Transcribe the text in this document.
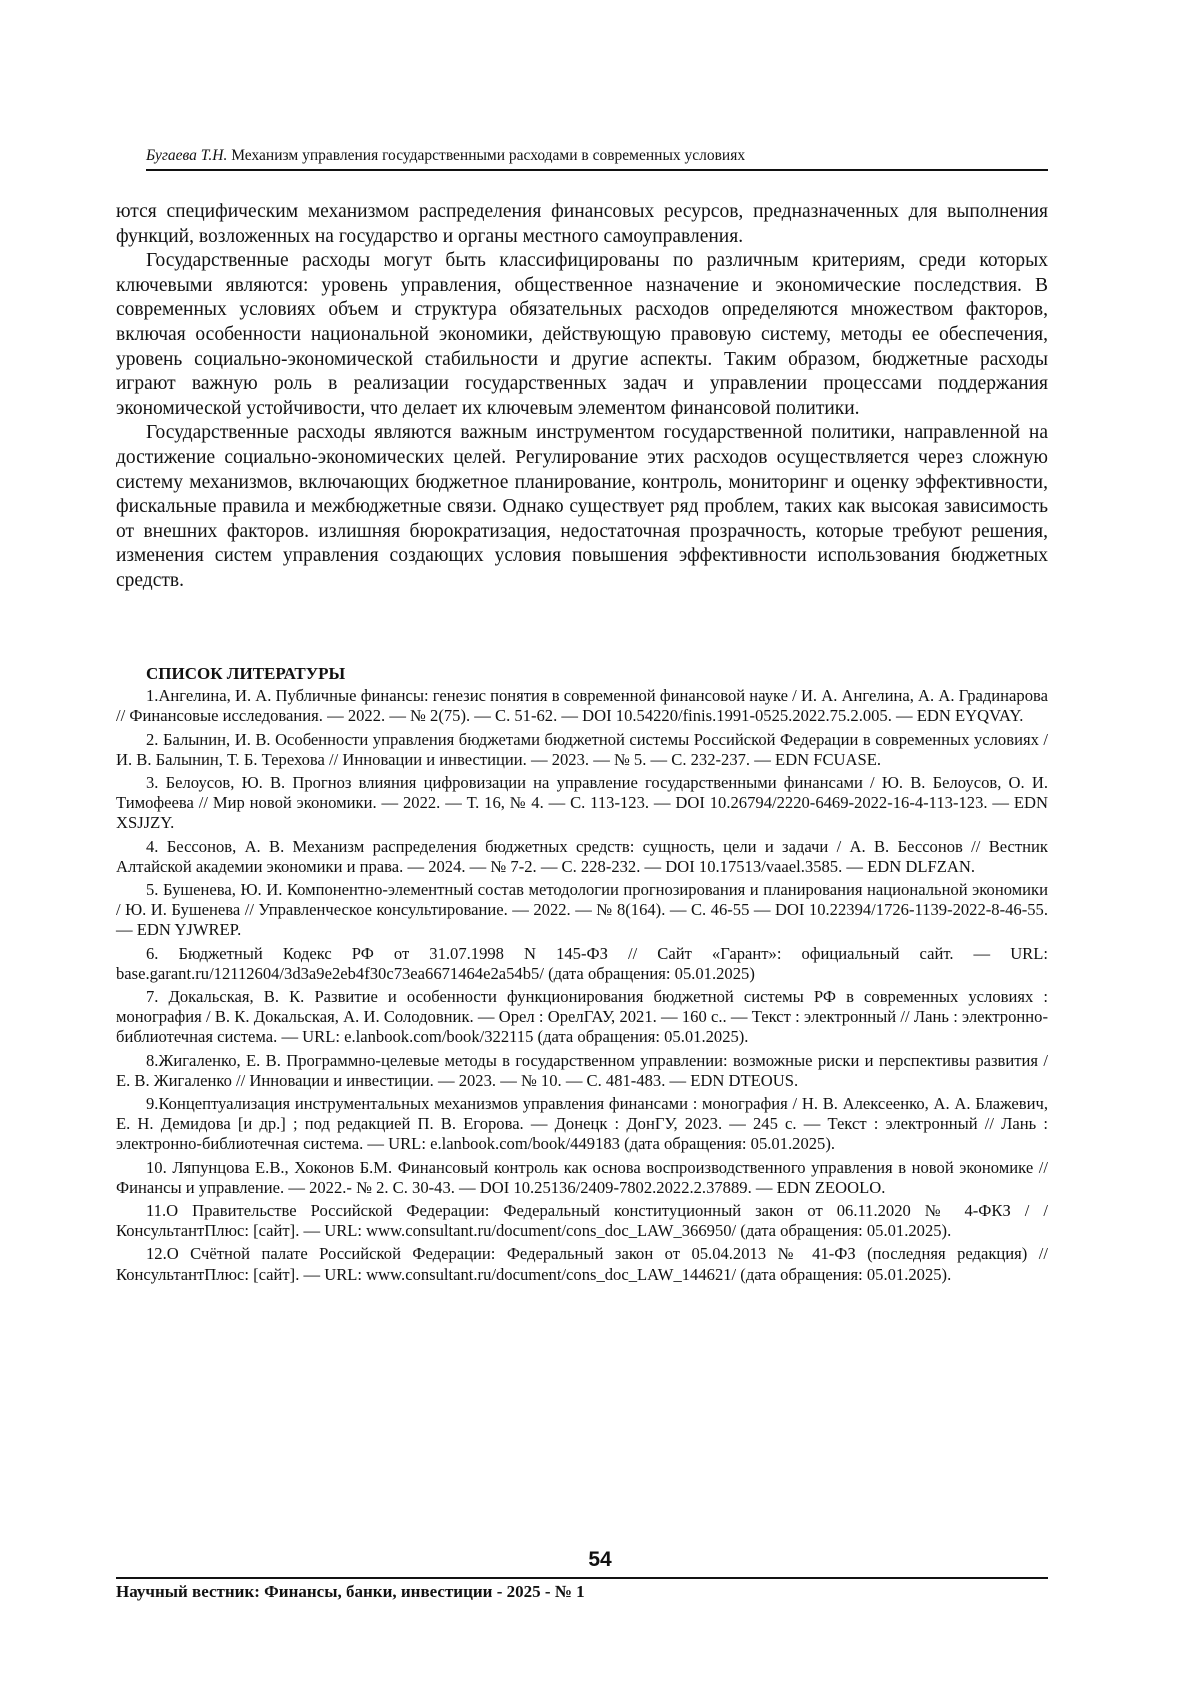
Бугаева Т.Н. Механизм управления государственными расходами в современных условиях

ются специфическим механизмом распределения финансовых ресурсов, предназначенных для выполнения функций, возложенных на государство и органы местного самоуправления.

Государственные расходы могут быть классифицированы по различным критериям, среди которых ключевыми являются: уровень управления, общественное назначение и экономические последствия. В современных условиях объем и структура обязательных расходов определяются множеством факторов, включая особенности национальной экономики, действующую правовую систему, методы ее обеспечения, уровень социально-экономической стабильности и другие аспекты. Таким образом, бюджетные расходы играют важную роль в реализации государственных задач и управлении процессами поддержания экономической устойчивости, что делает их ключевым элементом финансовой политики.

Государственные расходы являются важным инструментом государственной политики, направленной на достижение социально-экономических целей. Регулирование этих расходов осуществляется через сложную систему механизмов, включающих бюджетное планирование, контроль, мониторинг и оценку эффективности, фискальные правила и межбюджетные связи. Однако существует ряд проблем, таких как высокая зависимость от внешних факторов. излишняя бюрократизация, недостаточная прозрачность, которые требуют решения, изменения систем управления создающих условия повышения эффективности использования бюджетных средств.

СПИСОК ЛИТЕРАТУРЫ
1.Ангелина, И. А. Публичные финансы: генезис понятия в современной финансовой науке / И. А. Ангелина, А. А. Градинарова // Финансовые исследования. — 2022. — № 2(75). — С. 51-62. — DOI 10.54220/finis.1991-0525.2022.75.2.005. — EDN EYQVAY.
2. Балынин, И. В. Особенности управления бюджетами бюджетной системы Российской Федерации в современных условиях / И. В. Балынин, Т. Б. Терехова // Инновации и инвестиции. — 2023. — № 5. — С. 232-237. — EDN FCUASE.
3. Белоусов, Ю. В. Прогноз влияния цифровизации на управление государственными финансами / Ю. В. Белоусов, О. И. Тимофеева // Мир новой экономики. — 2022. — Т. 16, № 4. — С. 113-123. — DOI 10.26794/2220-6469-2022-16-4-113-123. — EDN XSJJZY.
4. Бессонов, А. В. Механизм распределения бюджетных средств: сущность, цели и задачи / А. В. Бессонов // Вестник Алтайской академии экономики и права. — 2024. — № 7-2. — С. 228-232. — DOI 10.17513/vaael.3585. — EDN DLFZAN.
5. Бушенева, Ю. И. Компонентно-элементный состав методологии прогнозирования и планирования национальной экономики / Ю. И. Бушенева // Управленческое консультирование. — 2022. — № 8(164). — С. 46-55 — DOI 10.22394/1726-1139-2022-8-46-55. — EDN YJWREP.
6. Бюджетный Кодекс РФ от 31.07.1998 N 145-ФЗ // Сайт «Гарант»: официальный сайт. — URL: base.garant.ru/12112604/3d3a9e2eb4f30c73ea6671464e2a54b5/ (дата обращения: 05.01.2025)
7. Докальская, В. К. Развитие и особенности функционирования бюджетной системы РФ в современных условиях : монография / В. К. Докальская, А. И. Солодовник. — Орел : ОрелГАУ, 2021. — 160 с.. — Текст : электронный // Лань : электронно-библиотечная система. — URL: e.lanbook.com/book/322115 (дата обращения: 05.01.2025).
8.Жигаленко, Е. В. Программно-целевые методы в государственном управлении: возможные риски и перспективы развития / Е. В. Жигаленко // Инновации и инвестиции. — 2023. — № 10. — С. 481-483. — EDN DTEOUS.
9.Концептуализация инструментальных механизмов управления финансами : монография / Н. В. Алексеенко, А. А. Блажевич, Е. Н. Демидова [и др.] ; под редакцией П. В. Егорова. — Донецк : ДонГУ, 2023. — 245 с. — Текст : электронный // Лань : электронно-библиотечная система. — URL: e.lanbook.com/book/449183 (дата обращения: 05.01.2025).
10. Ляпунцова Е.В., Хоконов Б.М. Финансовый контроль как основа воспроизводственного управления в новой экономике // Финансы и управление. — 2022.- № 2. С. 30-43. — DOI 10.25136/2409-7802.2022.2.37889. — EDN ZEOOLO.
11.О Правительстве Российской Федерации: Федеральный конституционный закон от 06.11.2020 № 4-ФКЗ / / КонсультантПлюс: [сайт]. — URL: www.consultant.ru/document/cons_doc_LAW_366950/ (дата обращения: 05.01.2025).
12.О Счётной палате Российской Федерации: Федеральный закон от 05.04.2013 № 41-ФЗ (последняя редакция) // КонсультантПлюс: [сайт]. — URL: www.consultant.ru/document/cons_doc_LAW_144621/ (дата обращения: 05.01.2025).
54
Научный вестник: Финансы, банки, инвестиции - 2025 - № 1
